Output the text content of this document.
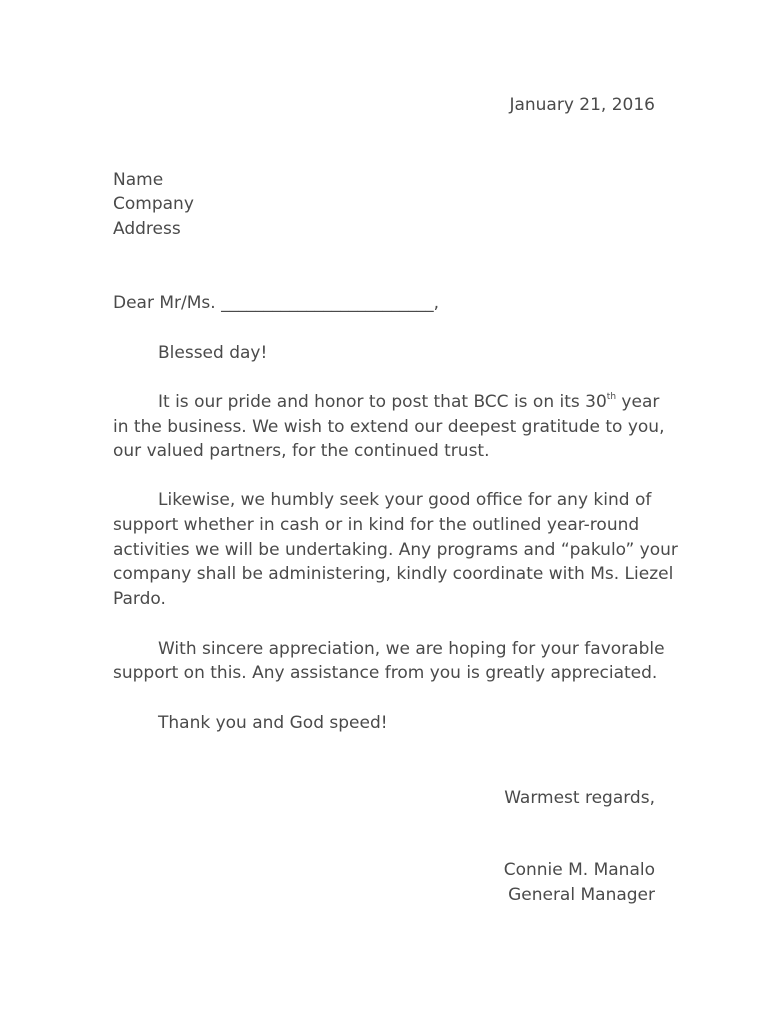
January 21, 2016
Name
Company
Address
Dear Mr/Ms. _________________________,
Blessed day!
It is our pride and honor to post that BCC is on its 30th year
in the business. We wish to extend our deepest gratitude to you,
our valued partners, for the continued trust.
Likewise, we humbly seek your good office for any kind of
support whether in cash or in kind for the outlined year-round
activities we will be undertaking. Any programs and “pakulo” your
company shall be administering, kindly coordinate with Ms. Liezel
Pardo.
With sincere appreciation, we are hoping for your favorable
support on this. Any assistance from you is greatly appreciated.
Thank you and God speed!
Warmest regards,
Connie M. Manalo
General Manager
